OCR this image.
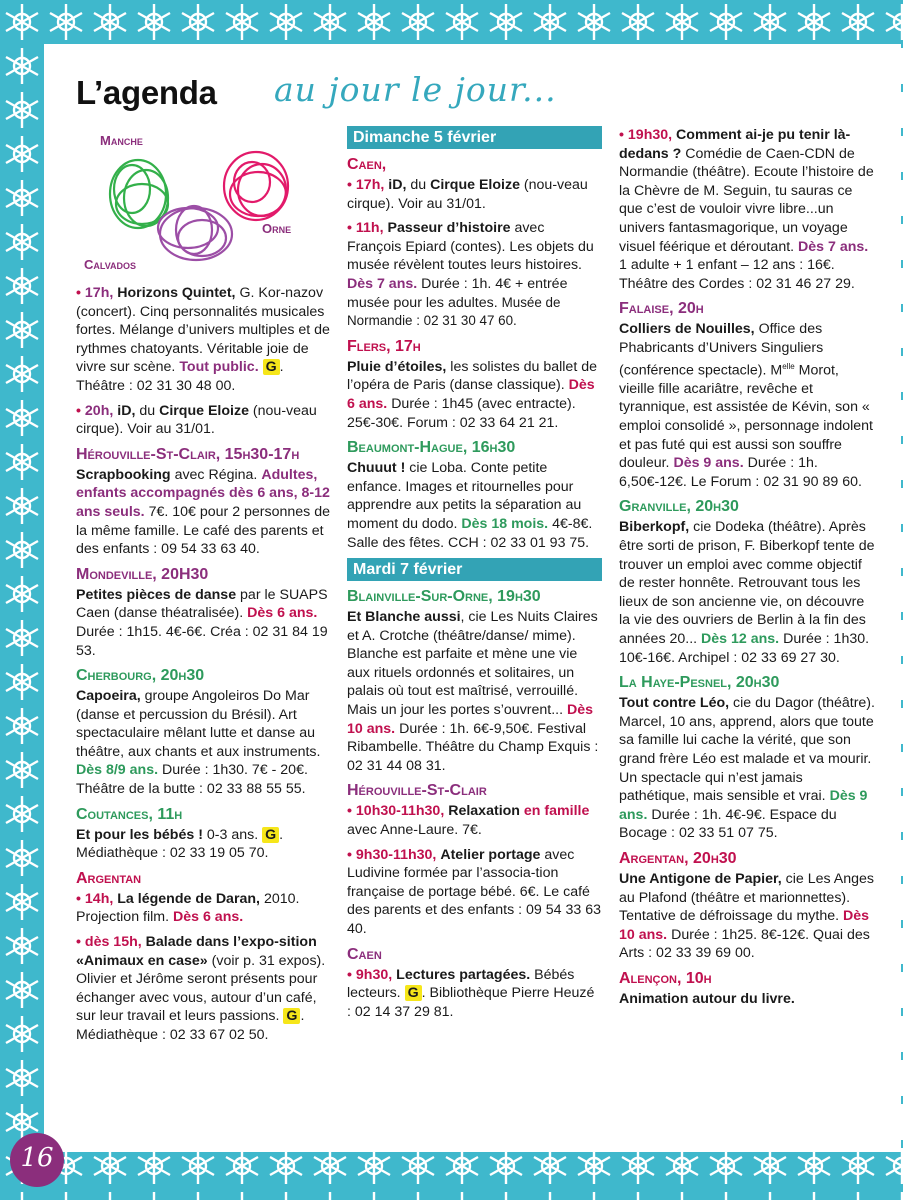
L’agenda au jour le jour...
Manche
Orne
Calvados
• 17h, Horizons Quintet, G. Kor-nazov (concert). Cinq personnalités musicales fortes. Mélange d’univers multiples et de rythmes chatoyants. Véritable joie de vivre sur scène. Tout public. G . Théâtre : 02 31 30 48 00.
• 20h, iD, du Cirque Eloize (nou-veau cirque). Voir au 31/01.
Hérouville-St-Clair, 15h30-17h
Scrapbooking avec Régina. Adultes, enfants accompagnés dès 6 ans, 8-12 ans seuls. 7€. 10€ pour 2 personnes de la même famille. Le café des parents et des enfants : 09 54 33 63 40.
Mondeville, 20H30
Petites pièces de danse par le SUAPS Caen (danse théatralisée). Dès 6 ans. Durée : 1h15. 4€-6€. Créa : 02 31 84 19 53.
Cherbourg, 20h30
Capoeira, groupe Angoleiros Do Mar (danse et percussion du Brésil). Art spectaculaire mêlant lutte et danse au théâtre, aux chants et aux instruments. Dès 8/9 ans. Durée : 1h30. 7€ - 20€. Théâtre de la butte : 02 33 88 55 55.
Coutances, 11h
Et pour les bébés ! 0-3 ans. G . Médiathèque : 02 33 19 05 70.
Argentan
• 14h, La légende de Daran, 2010. Projection film. Dès 6 ans.
• dès 15h, Balade dans l’expo-sition «Animaux en case» (voir p. 31 expos). Olivier et Jérôme seront présents pour échanger avec vous, autour d’un café, sur leur travail et leurs passions. G . Médiathèque : 02 33 67 02 50.
Dimanche 5 février
Caen,
• 17h, iD, du Cirque Eloize (nou-veau cirque). Voir au 31/01.
• 11h, Passeur d’histoire avec François Epiard (contes). Les objets du musée révèlent toutes leurs histoires. Dès 7 ans. Durée : 1h. 4€ + entrée musée pour les adultes. Musée de Normandie : 02 31 30 47 60.
Flers, 17h
Pluie d’étoiles, les solistes du ballet de l’opéra de Paris (danse classique). Dès 6 ans. Durée : 1h45 (avec entracte). 25€-30€. Forum : 02 33 64 21 21.
Beaumont-Hague, 16h30
Chuuut ! cie Loba. Conte petite enfance. Images et ritournelles pour apprendre aux petits la séparation au moment du dodo. Dès 18 mois. 4€-8€. Salle des fêtes. CCH : 02 33 01 93 75.
Mardi 7 février
Blainville-Sur-Orne, 19h30
Et Blanche aussi, cie Les Nuits Claires et A. Crotche (théâtre/danse/ mime). Blanche est parfaite et mène une vie aux rituels ordonnés et solitaires, un palais où tout est maîtrisé, verrouillé. Mais un jour les portes s’ouvrent... Dès 10 ans. Durée : 1h. 6€-9,50€. Festival Ribambelle. Théâtre du Champ Exquis : 02 31 44 08 31.
Hérouville-St-Clair
• 10h30-11h30, Relaxation en famille avec Anne-Laure. 7€.
• 9h30-11h30, Atelier portage avec Ludivine formée par l’associa-tion française de portage bébé. 6€. Le café des parents et des enfants : 09 54 33 63 40.
Caen
• 9h30, Lectures partagées. Bébés lecteurs. G . Bibliothèque Pierre Heuzé : 02 14 37 29 81.
• 19h30, Comment ai-je pu tenir là-dedans ? Comédie de Caen-CDN de Normandie (théâtre). Ecoute l’histoire de la Chèvre de M. Seguin, tu sauras ce que c’est de vouloir vivre libre...un univers fantasmagorique, un voyage visuel féérique et déroutant. Dès 7 ans. 1 adulte + 1 enfant – 12 ans : 16€. Théâtre des Cordes : 02 31 46 27 29.
Falaise, 20h
Colliers de Nouilles, Office des Phabricants d’Univers Singuliers (conférence spectacle). $M^{elle}$ Morot, vieille fille acariâtre, revêche et tyrannique, est assistée de Kévin, son « emploi consolidé », personnage indolent et pas futé qui est aussi son souffre douleur. Dès 9 ans. Durée : 1h. 6,50€-12€. Le Forum : 02 31 90 89 60.
Granville, 20h30
Biberkopf, cie Dodeka (théâtre). Après être sorti de prison, F. Biberkopf tente de trouver un emploi avec comme objectif de rester honnête. Retrouvant tous les lieux de son ancienne vie, on découvre la vie des ouvriers de Berlin à la fin des années 20... Dès 12 ans. Durée : 1h30. 10€-16€. Archipel : 02 33 69 27 30.
La Haye-Pesnel, 20h30
Tout contre Léo, cie du Dagor (théâtre). Marcel, 10 ans, apprend, alors que toute sa famille lui cache la vérité, que son grand frère Léo est malade et va mourir. Un spectacle qui n’est jamais pathétique, mais sensible et vrai. Dès 9 ans. Durée : 1h. 4€-9€. Espace du Bocage : 02 33 51 07 75.
Argentan, 20h30
Une Antigone de Papier, cie Les Anges au Plafond (théâtre et marionnettes). Tentative de défroissage du mythe. Dès 10 ans. Durée : 1h25. 8€-12€. Quai des Arts : 02 33 39 69 00.
Alençon, 10h
Animation autour du livre.
16
